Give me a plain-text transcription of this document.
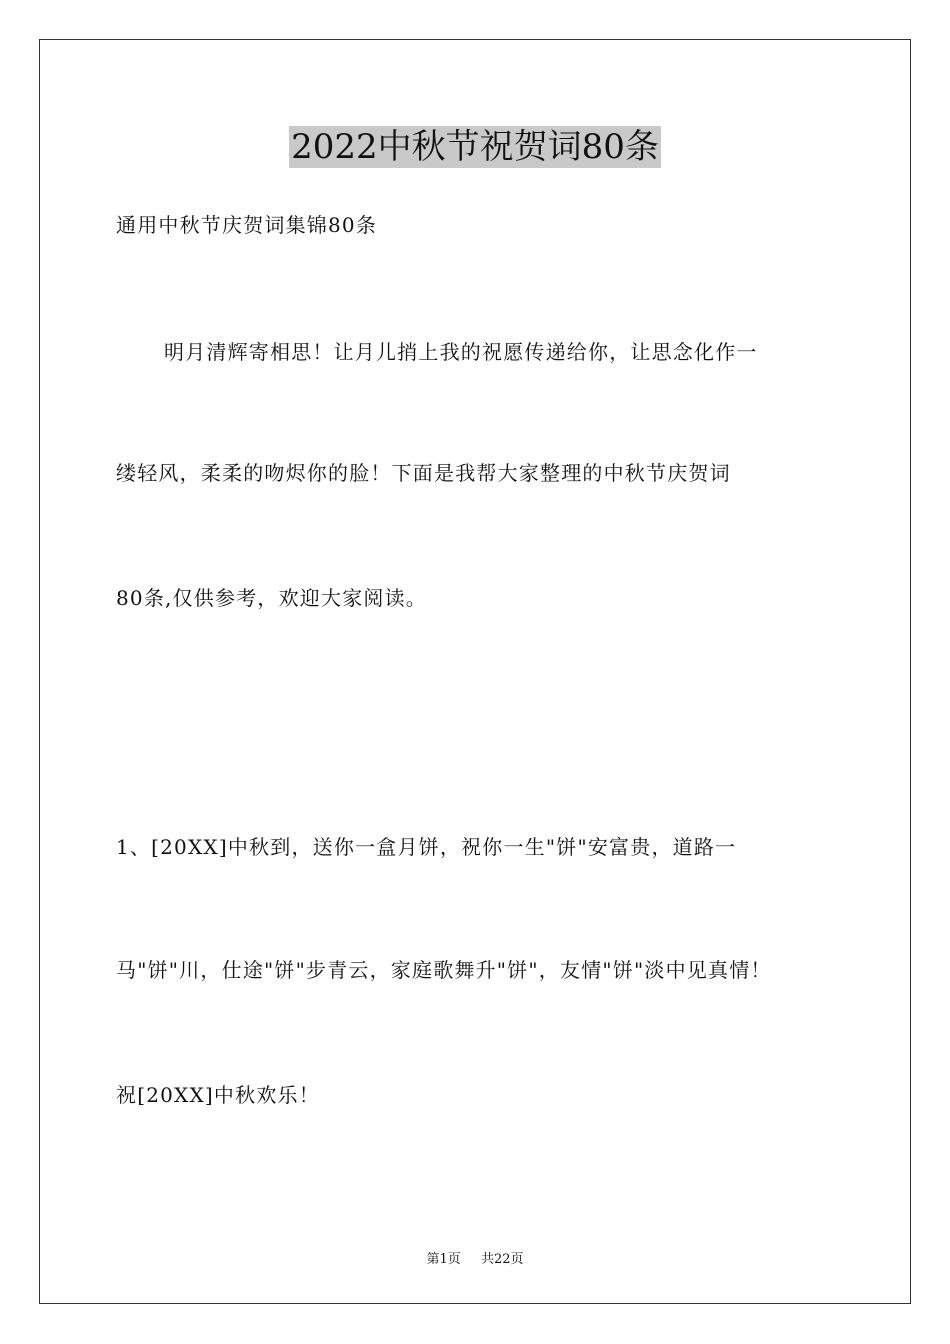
2022中秋节祝贺词80条
通用中秋节庆贺词集锦80条
明月清辉寄相思！让月儿捎上我的祝愿传递给你，让思念化作一
缕轻风，柔柔的吻烬你的脸！下面是我帮大家整理的中秋节庆贺词
80条,仅供参考，欢迎大家阅读。
1、[20XX]中秋到，送你一盒月饼，祝你一生"饼"安富贵，道路一
马"饼"川，仕途"饼"步青云，家庭歌舞升"饼"，友情"饼"淡中见真情！
祝[20XX]中秋欢乐！
第1页 共22页
